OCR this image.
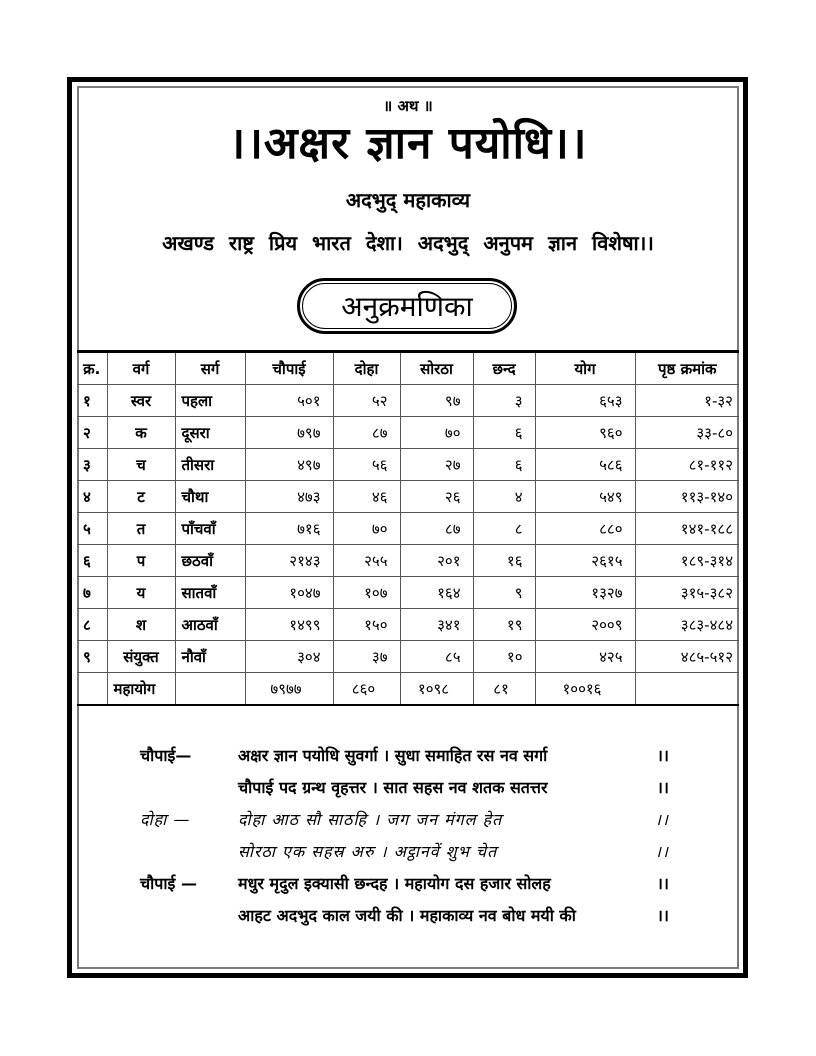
॥ अथ ॥
।।अक्षर ज्ञान पयोधि।।
अदभुद् महाकाव्य
अखण्ड राष्ट्र प्रिय भारत देशा। अदभुद् अनुपम ज्ञान विशेषा।।
अनुक्रमणिका
क्र.	वर्ग	सर्ग	चौपाई	दोहा	सोरठा	छन्द	योग	पृष्ठ क्रमांक
१	स्वर	पहला	५०१	५२	९७	३	६५३	१-३२
२	क	दूसरा	७९७	८७	७०	६	९६०	३३-८०
३	च	तीसरा	४९७	५६	२७	६	५८६	८१-११२
४	ट	चौथा	४७३	४६	२६	४	५४९	११३-१४०
५	त	पाँचवाँ	७१६	७०	८७	८	८८०	१४१-१८८
६	प	छठवाँ	२१४३	२५५	२०१	१६	२६१५	१८९-३१४
७	य	सातवाँ	१०४७	१०७	१६४	९	१३२७	३१५-३८२
८	श	आठवाँ	१४९९	१५०	३४१	१९	२००९	३८३-४८४
९	संयुक्त	नौवाँ	३०४	३७	८५	१०	४२५	४८५-५१२
	महायोग		७९७७	८६०	१०९८	८१	१००१६	
चौपाई—	अक्षर ज्ञान पयोधि सुवर्गा । सुधा समाहित रस नव सर्गा	।।
चौपाई पद ग्रन्थ वृहत्तर । सात सहस नव शतक सतत्तर	।।
दोहा —	दोहा आठ सौ साठहि । जग जन मंगल हेत	।।
सोरठा एक सहस्र अरु । अट्ठानवें शुभ चेत	।।
चौपाई —	मधुर मृदुल इक्यासी छन्दह । महायोग दस हजार सोलह	।।
आहट अदभुद काल जयी की । महाकाव्य नव बोध मयी की	।।
